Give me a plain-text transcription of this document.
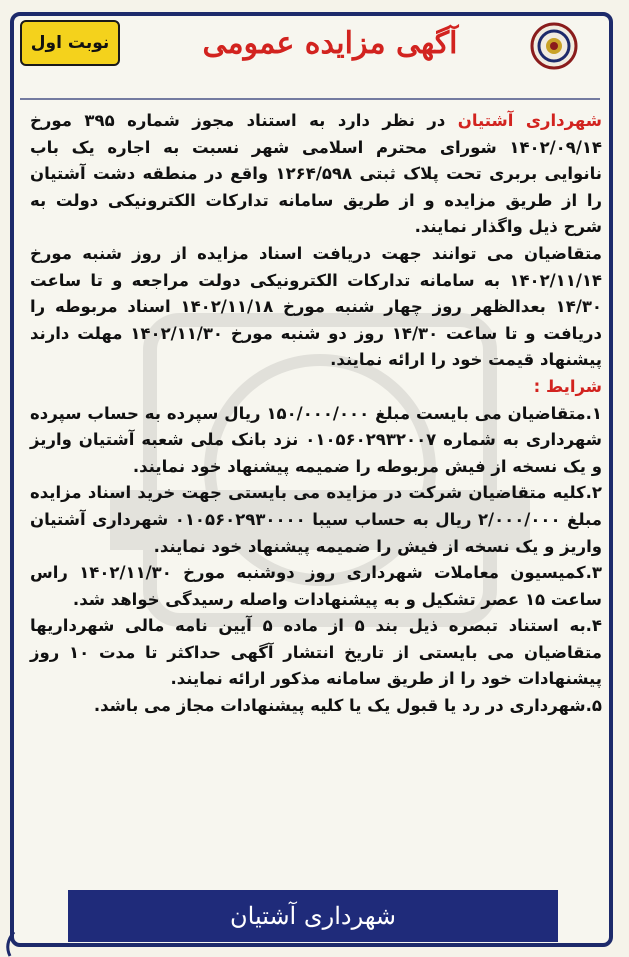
نوبت اول	آگهی مزایده عمومی

شهرداری آشتیان در نظر دارد به استناد مجوز شماره ۳۹۵ مورخ ۱۴۰۲/۰۹/۱۴ شورای محترم اسلامی شهر نسبت به اجاره یک باب نانوایی بربری تحت پلاک ثبتی ۱۲۶۴/۵۹۸ واقع در منطقه دشت آشتیان را از طریق مزایده و از طریق سامانه تدارکات الکترونیکی دولت به شرح ذیل واگذار نمایند.

متقاضیان می توانند جهت دریافت اسناد مزایده از روز شنبه مورخ ۱۴۰۲/۱۱/۱۴ به سامانه تدارکات الکترونیکی دولت مراجعه و تا ساعت ۱۴/۳۰ بعدالظهر روز چهار شنبه مورخ ۱۴۰۲/۱۱/۱۸ اسناد مربوطه را دریافت و تا ساعت ۱۴/۳۰ روز دو شنبه مورخ ۱۴۰۲/۱۱/۳۰ مهلت دارند پیشنهاد قیمت خود را ارائه نمایند.

شرایط :

۱.متقاضیان می بایست مبلغ ۱۵۰/۰۰۰/۰۰۰ ریال سپرده به حساب سپرده شهرداری به شماره ۰۱۰۵۶۰۲۹۳۲۰۰۷ نزد بانک ملی شعبه آشتیان واریز و یک نسخه از فیش مربوطه را ضمیمه پیشنهاد خود نمایند.

۲.کلیه متقاضیان شرکت در مزایده می بایستی جهت خرید اسناد مزایده مبلغ ۲/۰۰۰/۰۰۰ ریال به حساب سیبا ۰۱۰۵۶۰۲۹۳۰۰۰۰ شهرداری آشتیان واریز و یک نسخه از فیش را ضمیمه پیشنهاد خود نمایند.

۳.کمیسیون معاملات شهرداری روز دوشنبه مورخ ۱۴۰۲/۱۱/۳۰ راس ساعت ۱۵ عصر تشکیل و به پیشنهادات واصله رسیدگی خواهد شد.

۴.به استناد تبصره ذیل بند ۵ از ماده ۵ آیین نامه مالی شهرداریها متقاضیان می بایستی از تاریخ انتشار آگهی حداکثر تا مدت ۱۰ روز پیشنهادات خود را از طریق سامانه مذکور ارائه نمایند.

۵.شهرداری در رد یا قبول یک یا کلیه پیشنهادات مجاز می باشد.

شهرداری آشتیان
